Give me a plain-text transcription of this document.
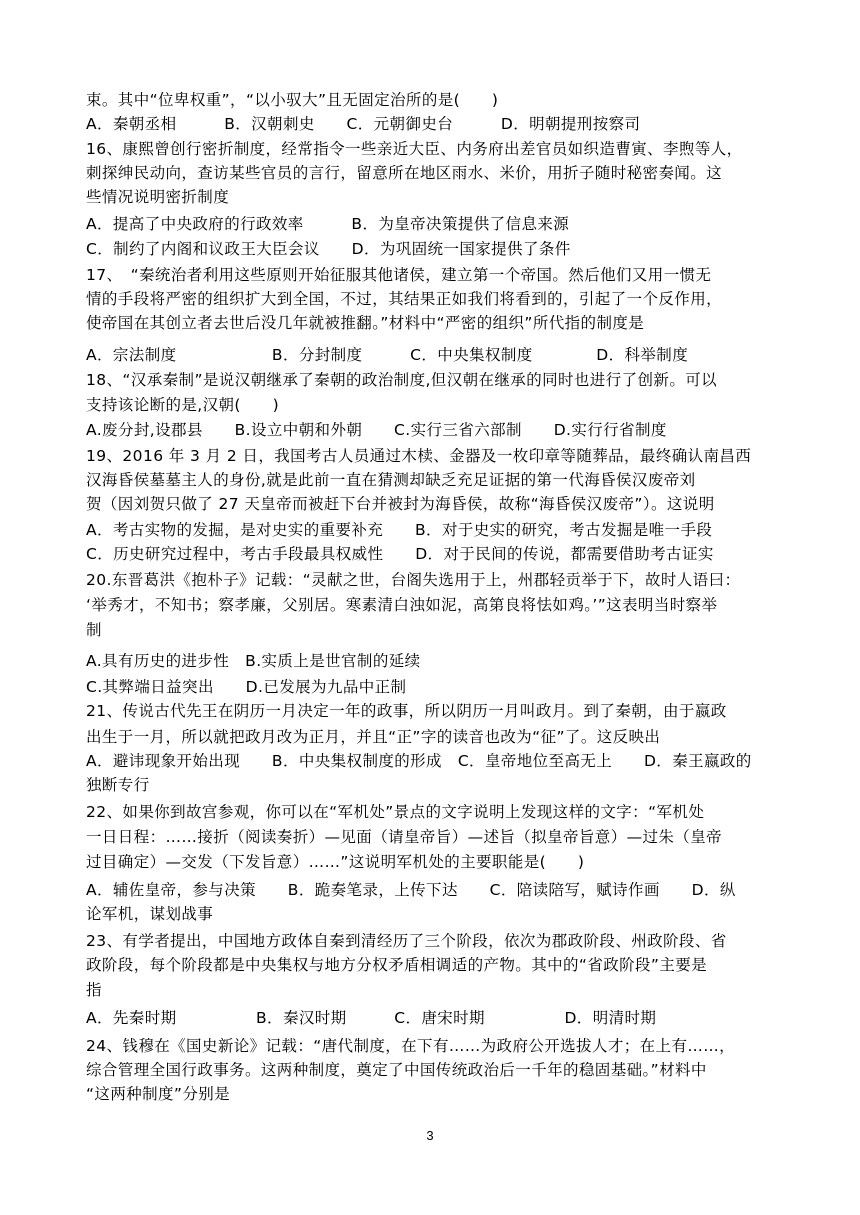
束。其中“位卑权重”，“以小驭大”且无固定治所的是(　　)
A．秦朝丞相　　　B．汉朝刺史　　C．元朝御史台　　　D．明朝提刑按察司
16、康熙曾创行密折制度，经常指令一些亲近大臣、内务府出差官员如织造曹寅、李煦等人，
刺探绅民动向，查访某些官员的言行，留意所在地区雨水、米价，用折子随时秘密奏闻。这
些情况说明密折制度
A．提高了中央政府的行政效率　　　B．为皇帝决策提供了信息来源
C．制约了内阁和议政王大臣会议　　D．为巩固统一国家提供了条件
17、　“秦统治者利用这些原则开始征服其他诸侯，建立第一个帝国。然后他们又用一惯无
情的手段将严密的组织扩大到全国，不过，其结果正如我们将看到的，引起了一个反作用，
使帝国在其创立者去世后没几年就被推翻。”材料中“严密的组织”所代指的制度是
A．宗法制度　　　　　　B．分封制度　　　C．中央集权制度　　　　D．科举制度
18、“汉承秦制”是说汉朝继承了秦朝的政治制度,但汉朝在继承的同时也进行了创新。可以
支持该论断的是,汉朝(　　)
A.废分封,设郡县　　B.设立中朝和外朝　　C.实行三省六部制　　D.实行行省制度
19、2016 年 3 月 2 日，我国考古人员通过木椟、金器及一枚印章等随葬品，最终确认南昌西
汉海昏侯墓墓主人的身份,就是此前一直在猜测却缺乏充足证据的第一代海昏侯汉废帝刘
贺（因刘贺只做了 27 天皇帝而被赶下台并被封为海昏侯，故称“海昏侯汉废帝”）。这说明
A．考古实物的发掘，是对史实的重要补充　　B．对于史实的研究，考古发掘是唯一手段
C．历史研究过程中，考古手段最具权威性　　D．对于民间的传说，都需要借助考古证实
20.东晋葛洪《抱朴子》记载：“灵献之世，台阁失选用于上，州郡轻贡举于下，故时人语曰：
‘举秀才，不知书；察孝廉，父别居。寒素清白浊如泥，高第良将怯如鸡。’”这表明当时察举
制
A.具有历史的进步性　B.实质上是世官制的延续
C.其弊端日益突出　　D.已发展为九品中正制
21、传说古代先王在阴历一月决定一年的政事，所以阴历一月叫政月。到了秦朝，由于嬴政
出生于一月，所以就把政月改为正月，并且“正”字的读音也改为“征”了。这反映出
A．避讳现象开始出现　　B．中央集权制度的形成　C．皇帝地位至高无上　　D．秦王嬴政的
独断专行
22、如果你到故宫参观，你可以在“军机处”景点的文字说明上发现这样的文字：“军机处
一日日程：……接折（阅读奏折）—见面（请皇帝旨）—述旨（拟皇帝旨意）—过朱（皇帝
过目确定）—交发（下发旨意）……”这说明军机处的主要职能是(　　)
A．辅佐皇帝，参与决策　　B．跪奏笔录，上传下达　　C．陪读陪写，赋诗作画　　D．纵
论军机，谋划战事
23、有学者提出，中国地方政体自秦到清经历了三个阶段，依次为郡政阶段、州政阶段、省
政阶段，每个阶段都是中央集权与地方分权矛盾相调适的产物。其中的“省政阶段”主要是
指
A．先秦时期　　　　　B．秦汉时期　　　C．唐宋时期　　　　　D．明清时期
24、钱穆在《国史新论》记载：“唐代制度，在下有……为政府公开选拔人才；在上有……，
综合管理全国行政事务。这两种制度，奠定了中国传统政治后一千年的稳固基础。”材料中
“这两种制度”分别是
3
